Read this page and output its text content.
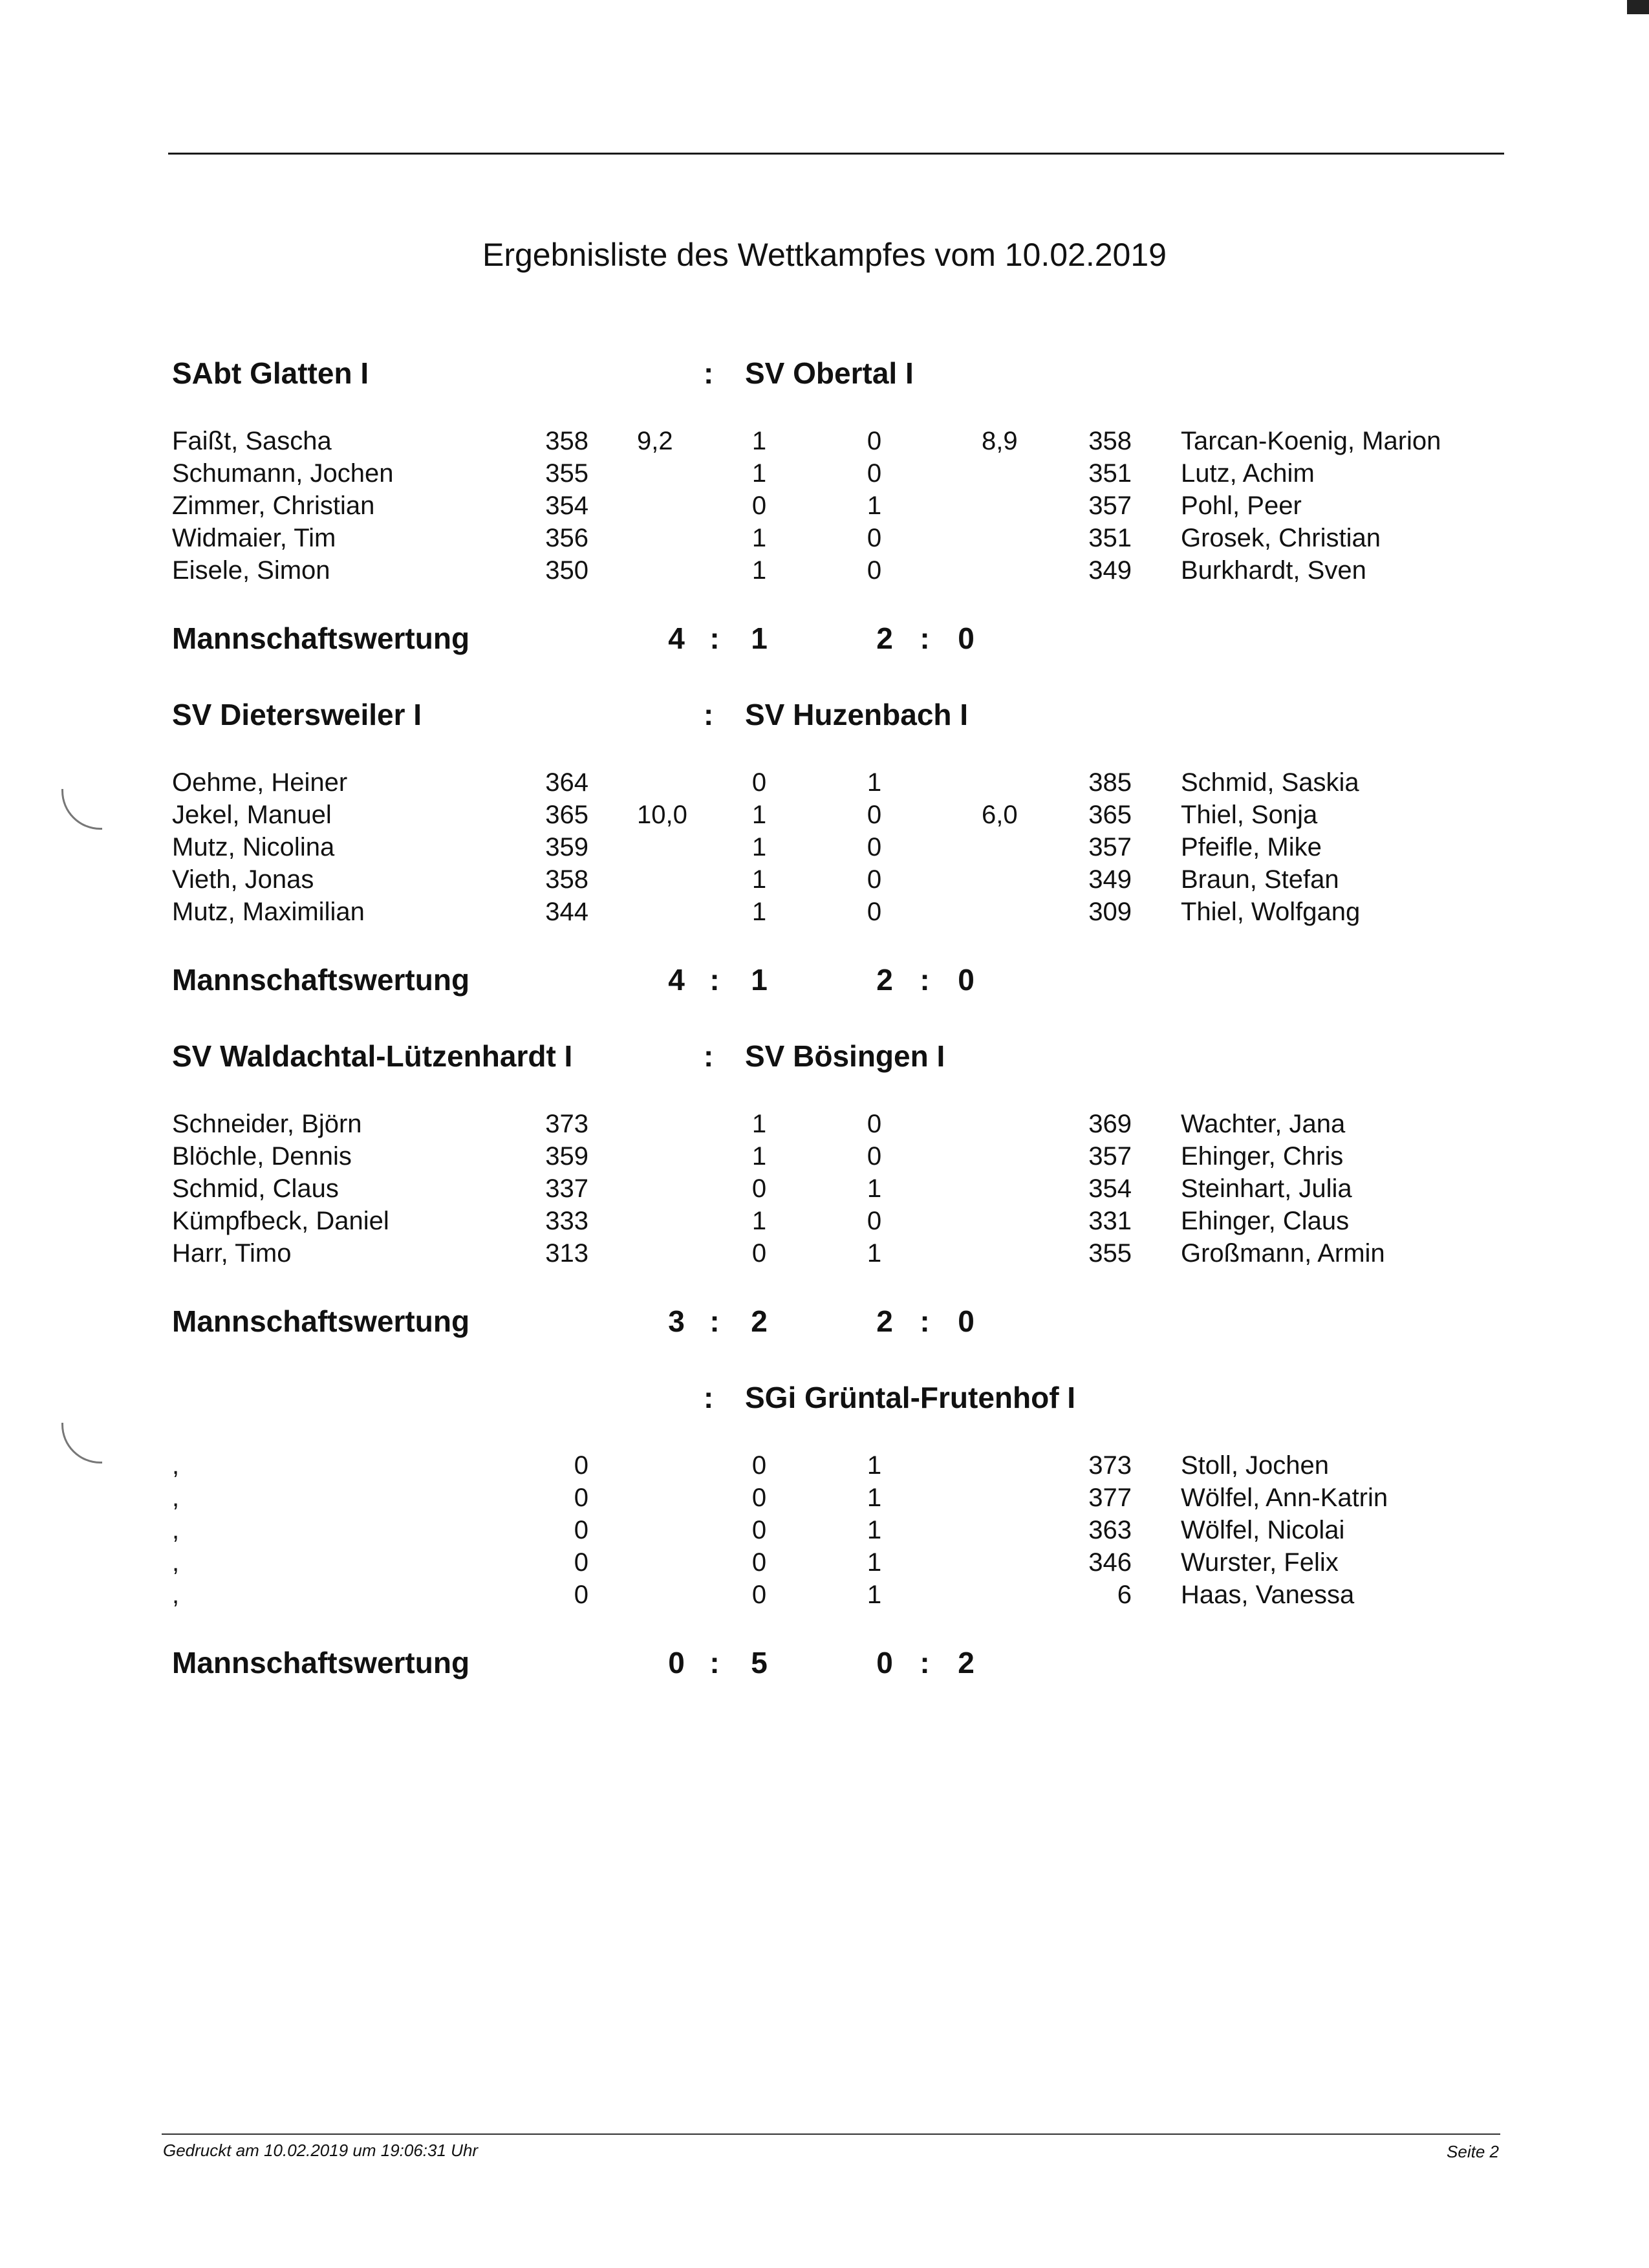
Ergebnisliste des Wettkampfes vom 10.02.2019
SAbt Glatten I	: SV Obertal I
Faißt, Sascha	358 9,2	1	0	8,9	358 Tarcan-Koenig, Marion
Schumann, Jochen	355	1	0	351 Lutz, Achim
Zimmer, Christian	354	0	1	357 Pohl, Peer
Widmaier, Tim	356	1	0	351 Grosek, Christian
Eisele, Simon	350	1	0	349 Burkhardt, Sven
Mannschaftswertung	4 : 1	2 : 0
SV Dietersweiler I	: SV Huzenbach I
Oehme, Heiner	364	0	1	385 Schmid, Saskia
Jekel, Manuel	365 10,0	1	0	6,0	365 Thiel, Sonja
Mutz, Nicolina	359	1	0	357 Pfeifle, Mike
Vieth, Jonas	358	1	0	349 Braun, Stefan
Mutz, Maximilian	344	1	0	309 Thiel, Wolfgang
Mannschaftswertung	4 : 1	2 : 0
SV Waldachtal-Lützenhardt I	: SV Bösingen I
Schneider, Björn	373	1	0	369 Wachter, Jana
Blöchle, Dennis	359	1	0	357 Ehinger, Chris
Schmid, Claus	337	0	1	354 Steinhart, Julia
Kümpfbeck, Daniel	333	1	0	331 Ehinger, Claus
Harr, Timo	313	0	1	355 Großmann, Armin
Mannschaftswertung	3 : 2	2 : 0
: SGi Grüntal-Frutenhof I
,	0	0	1	373 Stoll, Jochen
,	0	0	1	377 Wölfel, Ann-Katrin
,	0	0	1	363 Wölfel, Nicolai
,	0	0	1	346 Wurster, Felix
,	0	0	1	6 Haas, Vanessa
Mannschaftswertung	0 : 5	0 : 2
Gedruckt am 10.02.2019 um 19:06:31 Uhr	Seite 2
